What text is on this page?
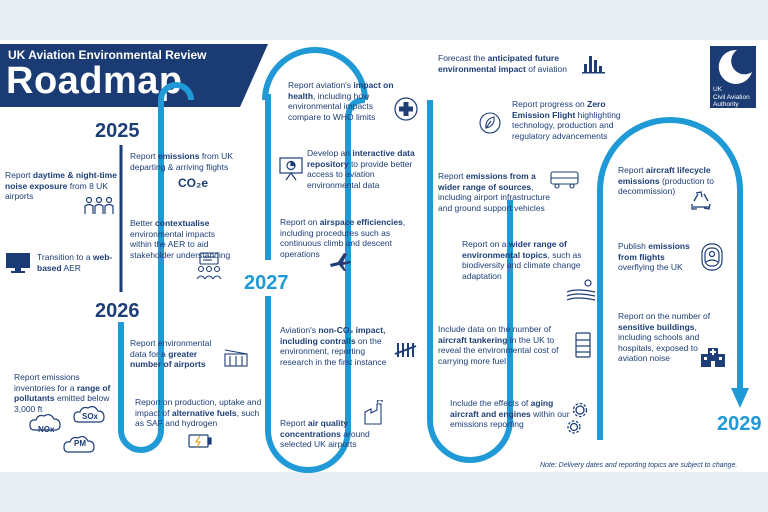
UK Aviation Environmental Review
Roadmap	UK
Civil Aviation
Authority
2025
2026
2027
2029
Report daytime & night-time noise exposure from 8 UK airports
Transition to a web-based AER
Report emissions inventories for a range of pollutants emitted below 3,000 ft
NOx
SOx
PM
Report emissions from UK departing & arriving flights
CO₂e
Better contextualise environmental impacts within the AER to aid stakeholder understanding
Report environmental data for a greater number of airports
Report on production, uptake and impact of alternative fuels, such as SAF and hydrogen
Report aviation's impact on health, including how environmental impacts compare to WHO limits
Develop an interactive data repository to provide better access to aviation environmental data
Report on airspace efficiencies, including procedures such as continuous climb and descent operations
Aviation's non-CO₂ impact, including contrails on the environment, reporting research in the first instance
Report air quality concentrations around selected UK airports
Forecast the anticipated future environmental impact of aviation
Report progress on Zero Emission Flight highlighting technology, production and regulatory advancements
Report emissions from a wider range of sources, including airport infrastructure and ground support vehicles
Report on a wider range of environmental topics, such as biodiversity and climate change adaptation
Include data on the number of aircraft tankering in the UK to reveal the environmental cost of carrying more fuel
Include the effects of aging aircraft and engines within our emissions reporting
Report aircraft lifecycle emissions (production to decommission)
Publish emissions from flights overflying the UK
Report on the number of sensitive buildings, including schools and hospitals, exposed to aviation noise
Note: Delivery dates and reporting topics are subject to change.
